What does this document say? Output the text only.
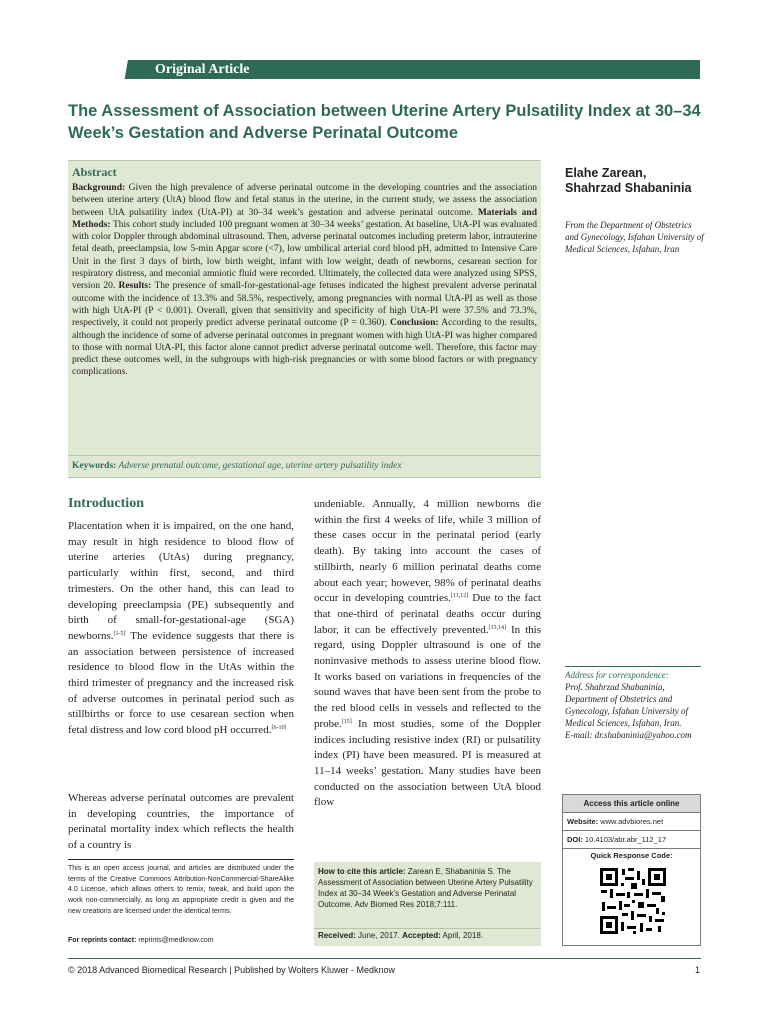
Original Article
The Assessment of Association between Uterine Artery Pulsatility Index at 30–34 Week’s Gestation and Adverse Perinatal Outcome
Abstract

Background: Given the high prevalence of adverse perinatal outcome in the developing countries and the association between uterine artery (UtA) blood flow and fetal status in the uterine, in the current study, we assess the association between UtA pulsatility index (UtA-PI) at 30–34 week’s gestation and adverse perinatal outcome. Materials and Methods: This cohort study included 100 pregnant women at 30–34 weeks’ gestation. At baseline, UtA-PI was evaluated with color Doppler through abdominal ultrasound. Then, adverse perinatal outcomes including preterm labor, intrauterine fetal death, preeclampsia, low 5-min Apgar score (<7), low umbilical arterial cord blood pH, admitted to Intensive Care Unit in the first 3 days of birth, low birth weight, infant with low weight, death of newborns, cesarean section for respiratory distress, and meconial amniotic fluid were recorded. Ultimately, the collected data were analyzed using SPSS, version 20. Results: The presence of small-for-gestational-age fetuses indicated the highest prevalent adverse perinatal outcome with the incidence of 13.3% and 58.5%, respectively, among pregnancies with normal UtA-PI as well as those with high UtA-PI (P < 0.001). Overall, given that sensitivity and specificity of high UtA-PI were 37.5% and 73.3%, respectively, it could not properly predict adverse perinatal outcome (P = 0.360). Conclusion: According to the results, although the incidence of some of adverse perinatal outcomes in pregnant women with high UtA-PI was higher compared to those with normal UtA-PI, this factor alone cannot predict adverse perinatal outcome well. Therefore, this factor may predict these outcomes well, in the subgroups with high-risk pregnancies or with some blood factors or with pregnancy complications.

Keywords: Adverse prenatal outcome, gestational age, uterine artery pulsatility index

Elahe Zarean, Shahrzad Shabaninia
From the Department of Obstetrics and Gynecology, Isfahan University of Medical Sciences, Isfahan, Iran
Introduction

Placentation when it is impaired, on the one hand, may result in high residence to blood flow of uterine arteries (UtAs) during pregnancy, particularly within first, second, and third trimesters. On the other hand, this can lead to developing preeclampsia (PE) subsequently and birth of small-for-gestational-age (SGA) newborns.[1-5] The evidence suggests that there is an association between persistence of increased residence to blood flow in the UtAs within the third trimester of pregnancy and the increased risk of adverse outcomes in perinatal period such as stillbirths or force to use cesarean section when fetal distress and low cord blood pH occurred.[6-10]

Whereas adverse perinatal outcomes are prevalent in developing countries, the importance of perinatal mortality index which reflects the health of a country is

undeniable. Annually, 4 million newborns die within the first 4 weeks of life, while 3 million of these cases occur in the perinatal period (early death). By taking into account the cases of stillbirth, nearly 6 million perinatal deaths come about each year; however, 98% of perinatal deaths occur in developing countries.[11,12] Due to the fact that one-third of perinatal deaths occur during labor, it can be effectively prevented.[13,14] In this regard, using Doppler ultrasound is one of the noninvasive methods to assess uterine blood flow. It works based on variations in frequencies of the sound waves that have been sent from the probe to the red blood cells in vessels and reflected to the probe.[15] In most studies, some of the Doppler indices including resistive index (RI) or pulsatility index (PI) have been measured. PI is measured at 11–14 weeks’ gestation. Many studies have been conducted on the association between UtA blood flow

This is an open access journal, and articles are distributed under the terms of the Creative Commons Attribution-NonCommercial-ShareAlike 4.0 License, which allows others to remix, tweak, and build upon the work non-commercially, as long as appropriate credit is given and the new creations are licensed under the identical terms.

For reprints contact: reprints@medknow.com

How to cite this article: Zarean E, Shabaninia S. The Assessment of Association between Uterine Artery Pulsatility Index at 30–34 Week’s Gestation and Adverse Perinatal Outcome. Adv Biomed Res 2018;7:111.

Received: June, 2017. Accepted: April, 2018.

Address for correspondence:
Prof. Shahrzad Shabaninia, Department of Obstetrics and Gynecology, Isfahan University of Medical Sciences, Isfahan, Iran.
E-mail: dr.shabaninia@yahoo.com
Access this article online
Website: www.advbiores.net
DOI: 10.4103/abr.abr_112_17
Quick Response Code:
© 2018 Advanced Biomedical Research | Published by Wolters Kluwer - Medknow	1
